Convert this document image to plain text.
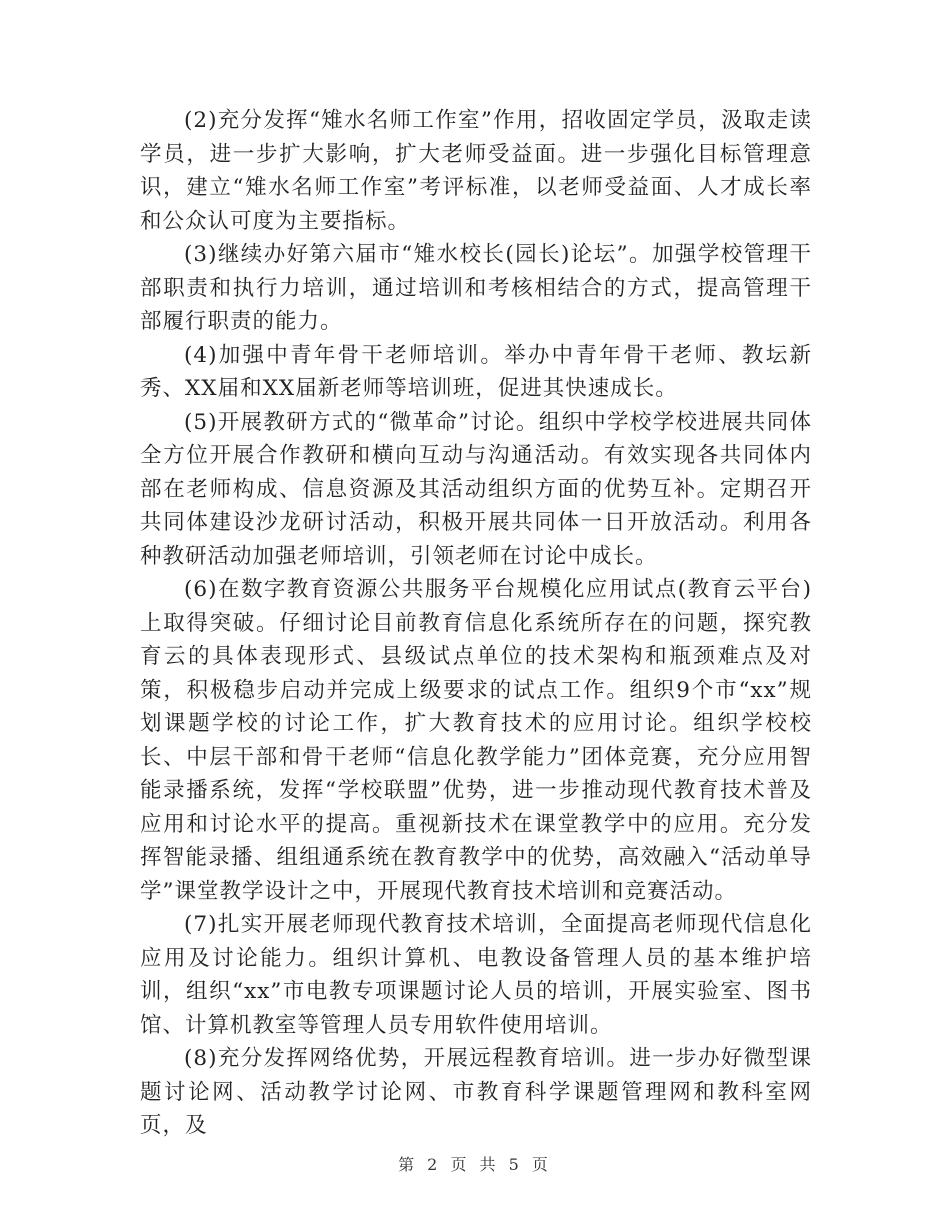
(2)充分发挥“雉水名师工作室”作用，招收固定学员，汲取走读学员，进一步扩大影响，扩大老师受益面。进一步强化目标管理意识，建立“雉水名师工作室”考评标准，以老师受益面、人才成长率和公众认可度为主要指标。

(3)继续办好第六届市“雉水校长(园长)论坛”。加强学校管理干部职责和执行力培训，通过培训和考核相结合的方式，提高管理干部履行职责的能力。

(4)加强中青年骨干老师培训。举办中青年骨干老师、教坛新秀、XX届和XX届新老师等培训班，促进其快速成长。

(5)开展教研方式的“微革命”讨论。组织中学校学校进展共同体全方位开展合作教研和横向互动与沟通活动。有效实现各共同体内部在老师构成、信息资源及其活动组织方面的优势互补。定期召开共同体建设沙龙研讨活动，积极开展共同体一日开放活动。利用各种教研活动加强老师培训，引领老师在讨论中成长。

(6)在数字教育资源公共服务平台规模化应用试点(教育云平台)上取得突破。仔细讨论目前教育信息化系统所存在的问题，探究教育云的具体表现形式、县级试点单位的技术架构和瓶颈难点及对策，积极稳步启动并完成上级要求的试点工作。组织9个市“xx”规划课题学校的讨论工作，扩大教育技术的应用讨论。组织学校校长、中层干部和骨干老师“信息化教学能力”团体竞赛，充分应用智能录播系统，发挥“学校联盟”优势，进一步推动现代教育技术普及应用和讨论水平的提高。重视新技术在课堂教学中的应用。充分发挥智能录播、组组通系统在教育教学中的优势，高效融入“活动单导学”课堂教学设计之中，开展现代教育技术培训和竞赛活动。

(7)扎实开展老师现代教育技术培训，全面提高老师现代信息化应用及讨论能力。组织计算机、电教设备管理人员的基本维护培训，组织“xx”市电教专项课题讨论人员的培训，开展实验室、图书馆、计算机教室等管理人员专用软件使用培训。

(8)充分发挥网络优势，开展远程教育培训。进一步办好微型课题讨论网、活动教学讨论网、市教育科学课题管理网和教科室网页，及

第 2 页 共 5 页
